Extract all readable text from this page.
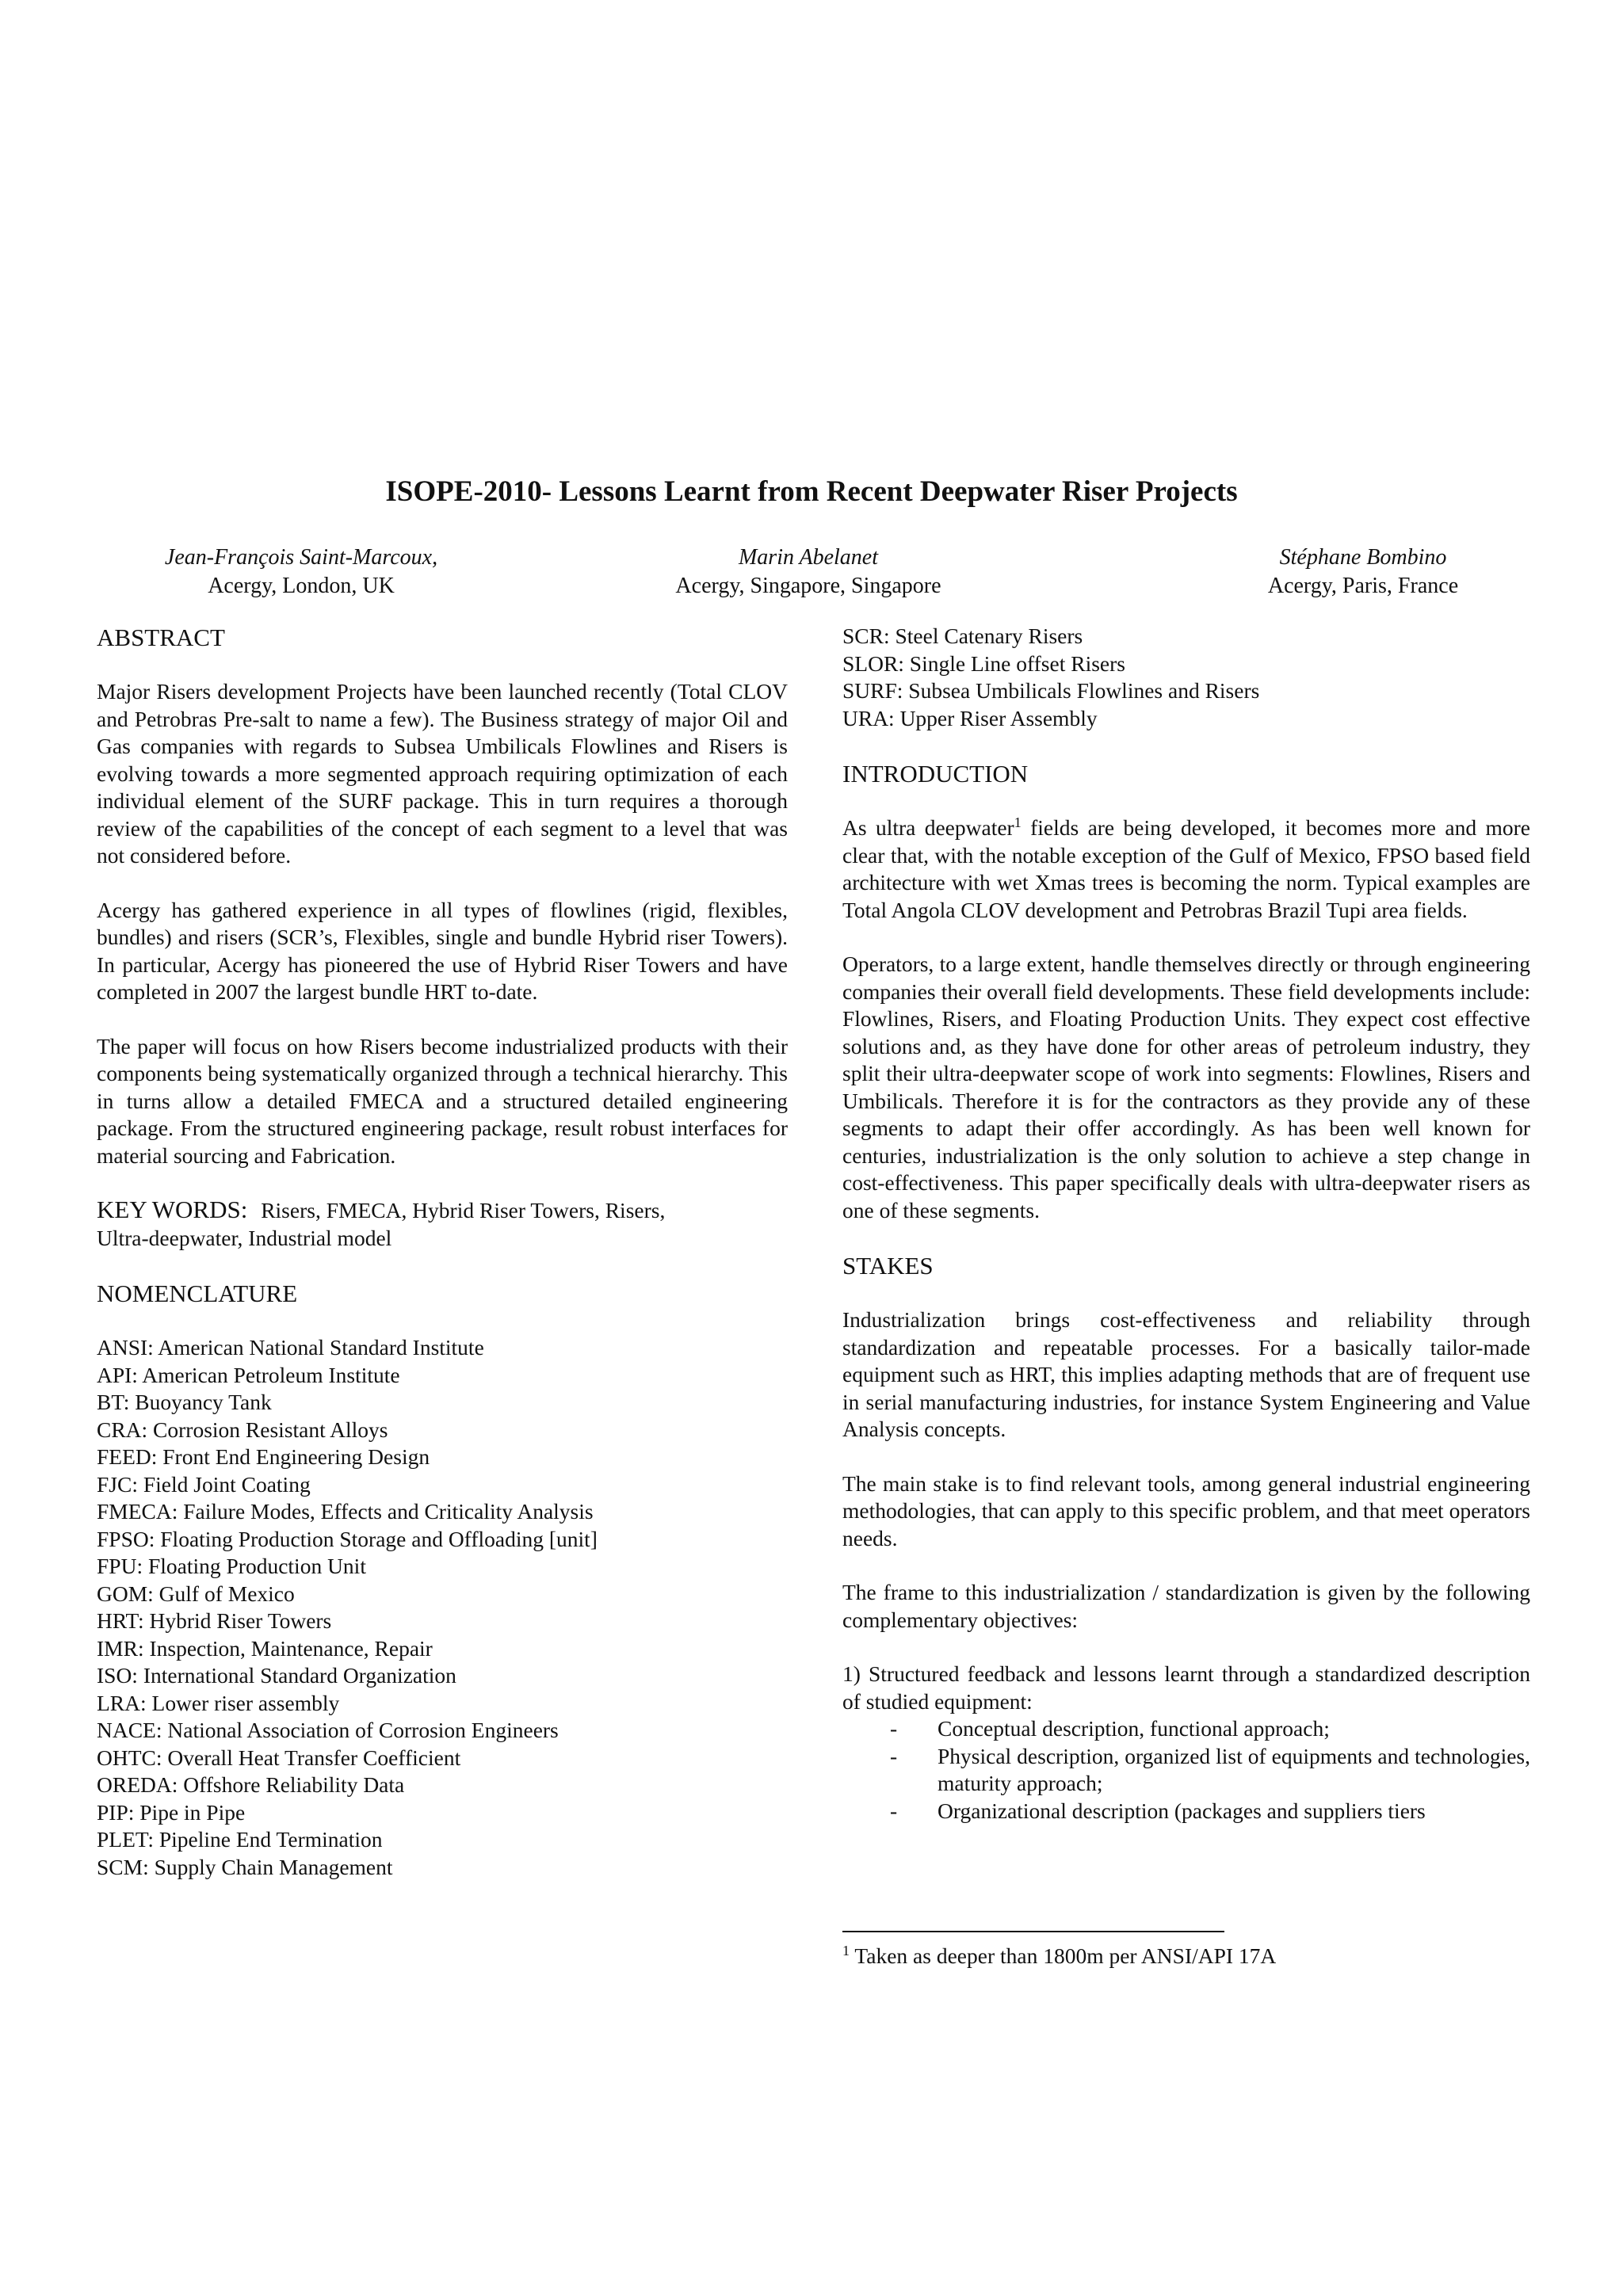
ISOPE-2010- Lessons Learnt from Recent Deepwater Riser Projects
Jean-François Saint-Marcoux,
Acergy, London, UK
Marin Abelanet
Acergy, Singapore, Singapore
Stéphane Bombino
Acergy, Paris, France
ABSTRACT

Major Risers development Projects have been launched recently (Total CLOV and Petrobras Pre-salt to name a few). The Business strategy of major Oil and Gas companies with regards to Subsea Umbilicals Flowlines and Risers is evolving towards a more segmented approach requiring optimization of each individual element of the SURF package. This in turn requires a thorough review of the capabilities of the concept of each segment to a level that was not considered before.

Acergy has gathered experience in all types of flowlines (rigid, flexibles, bundles) and risers (SCR’s, Flexibles, single and bundle Hybrid riser Towers). In particular, Acergy has pioneered the use of Hybrid Riser Towers and have completed in 2007 the largest bundle HRT to-date.

The paper will focus on how Risers become industrialized products with their components being systematically organized through a technical hierarchy. This in turns allow a detailed FMECA and a structured detailed engineering package. From the structured engineering package, result robust interfaces for material sourcing and Fabrication.

KEY WORDS: Risers, FMECA, Hybrid Riser Towers, Risers,
Ultra-deepwater, Industrial model
NOMENCLATURE
ANSI: American National Standard Institute
API: American Petroleum Institute
BT: Buoyancy Tank
CRA: Corrosion Resistant Alloys
FEED: Front End Engineering Design
FJC: Field Joint Coating
FMECA: Failure Modes, Effects and Criticality Analysis
FPSO: Floating Production Storage and Offloading [unit]
FPU: Floating Production Unit
GOM: Gulf of Mexico
HRT: Hybrid Riser Towers
IMR: Inspection, Maintenance, Repair
ISO: International Standard Organization
LRA: Lower riser assembly
NACE: National Association of Corrosion Engineers
OHTC: Overall Heat Transfer Coefficient
OREDA: Offshore Reliability Data
PIP: Pipe in Pipe
PLET: Pipeline End Termination
SCM: Supply Chain Management
SCR: Steel Catenary Risers
SLOR: Single Line offset Risers
SURF: Subsea Umbilicals Flowlines and Risers
URA: Upper Riser Assembly
INTRODUCTION

As ultra deepwater$^1$ fields are being developed, it becomes more and more clear that, with the notable exception of the Gulf of Mexico, FPSO based field architecture with wet Xmas trees is becoming the norm. Typical examples are Total Angola CLOV development and Petrobras Brazil Tupi area fields.

Operators, to a large extent, handle themselves directly or through engineering companies their overall field developments. These field developments include: Flowlines, Risers, and Floating Production Units. They expect cost effective solutions and, as they have done for other areas of petroleum industry, they split their ultra-deepwater scope of work into segments: Flowlines, Risers and Umbilicals. Therefore it is for the contractors as they provide any of these segments to adapt their offer accordingly. As has been well known for centuries, industrialization is the only solution to achieve a step change in cost-effectiveness. This paper specifically deals with ultra-deepwater risers as one of these segments.

STAKES

Industrialization brings cost-effectiveness and reliability through standardization and repeatable processes. For a basically tailor-made equipment such as HRT, this implies adapting methods that are of frequent use in serial manufacturing industries, for instance System Engineering and Value Analysis concepts.

The main stake is to find relevant tools, among general industrial engineering methodologies, that can apply to this specific problem, and that meet operators needs.

The frame to this industrialization / standardization is given by the following complementary objectives:

1) Structured feedback and lessons learnt through a standardized description of studied equipment:

- Conceptual description, functional approach;
- Physical description, organized list of equipments and technologies, maturity approach;
- Organizational description (packages and suppliers tiers
$^1$ Taken as deeper than 1800m per ANSI/API 17A
